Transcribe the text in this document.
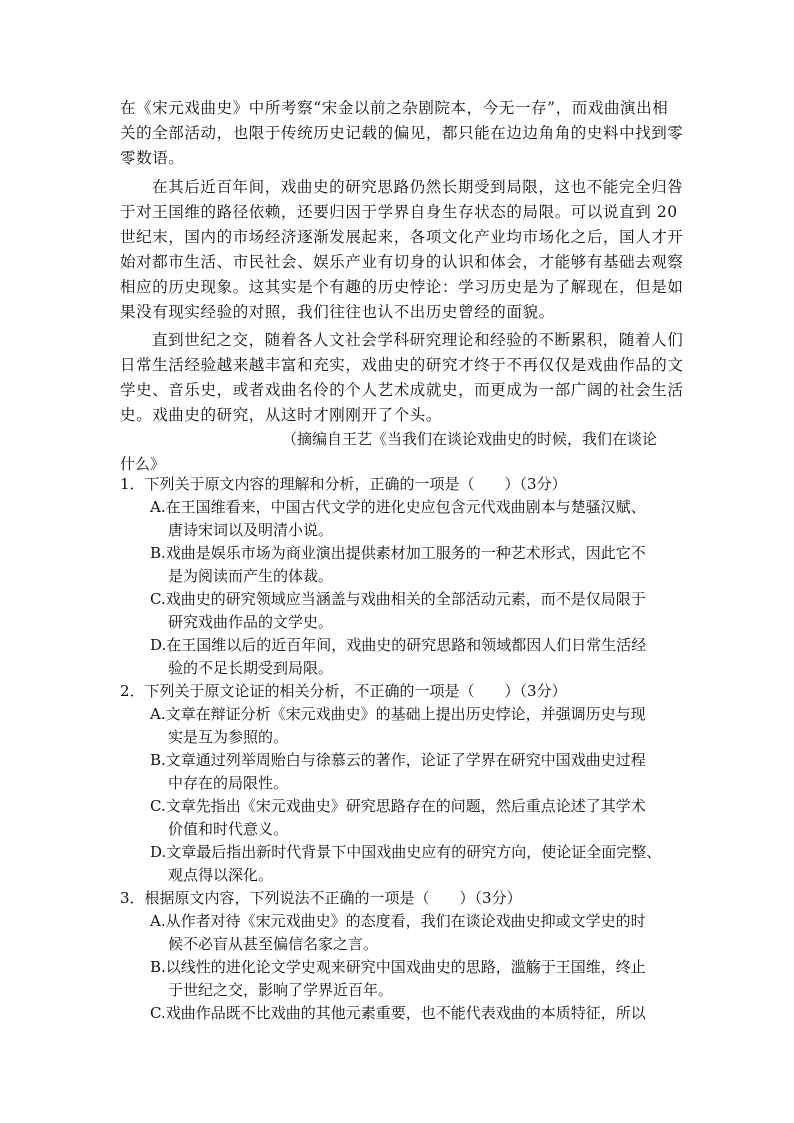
在《宋元戏曲史》中所考察“宋金以前之杂剧院本，今无一存”，而戏曲演出相
关的全部活动，也限于传统历史记载的偏见，都只能在边边角角的史料中找到零
零数语。
在其后近百年间，戏曲史的研究思路仍然长期受到局限，这也不能完全归咎
于对王国维的路径依赖，还要归因于学界自身生存状态的局限。可以说直到 20
世纪末，国内的市场经济逐渐发展起来，各项文化产业均市场化之后，国人才开
始对都市生活、市民社会、娱乐产业有切身的认识和体会，才能够有基础去观察
相应的历史现象。这其实是个有趣的历史悖论：学习历史是为了解现在，但是如
果没有现实经验的对照，我们往往也认不出历史曾经的面貌。
直到世纪之交，随着各人文社会学科研究理论和经验的不断累积，随着人们
日常生活经验越来越丰富和充实，戏曲史的研究才终于不再仅仅是戏曲作品的文
学史、音乐史，或者戏曲名伶的个人艺术成就史，而更成为一部广阔的社会生活
史。戏曲史的研究，从这时才刚刚开了个头。
（摘编自王艺《当我们在谈论戏曲史的时候，我们在谈论
什么》
1．下列关于原文内容的理解和分析，正确的一项是（　　）（3分）
A.在王国维看来，中国古代文学的进化史应包含元代戏曲剧本与楚骚汉赋、
唐诗宋词以及明清小说。
B.戏曲是娱乐市场为商业演出提供素材加工服务的一种艺术形式，因此它不
是为阅读而产生的体裁。
C.戏曲史的研究领域应当涵盖与戏曲相关的全部活动元素，而不是仅局限于
研究戏曲作品的文学史。
D.在王国维以后的近百年间，戏曲史的研究思路和领域都因人们日常生活经
验的不足长期受到局限。
2．下列关于原文论证的相关分析，不正确的一项是（　　）（3分）
A.文章在辩证分析《宋元戏曲史》的基础上提出历史悖论，并强调历史与现
实是互为参照的。
B.文章通过列举周贻白与徐慕云的著作，论证了学界在研究中国戏曲史过程
中存在的局限性。
C.文章先指出《宋元戏曲史》研究思路存在的问题，然后重点论述了其学术
价值和时代意义。
D.文章最后指出新时代背景下中国戏曲史应有的研究方向，使论证全面完整、
观点得以深化。
3．根据原文内容，下列说法不正确的一项是（　　）（3分）
A.从作者对待《宋元戏曲史》的态度看，我们在谈论戏曲史抑或文学史的时
候不必盲从甚至偏信名家之言。
B.以线性的进化论文学史观来研究中国戏曲史的思路，滥觞于王国维，终止
于世纪之交，影响了学界近百年。
C.戏曲作品既不比戏曲的其他元素重要，也不能代表戏曲的本质特征，所以
